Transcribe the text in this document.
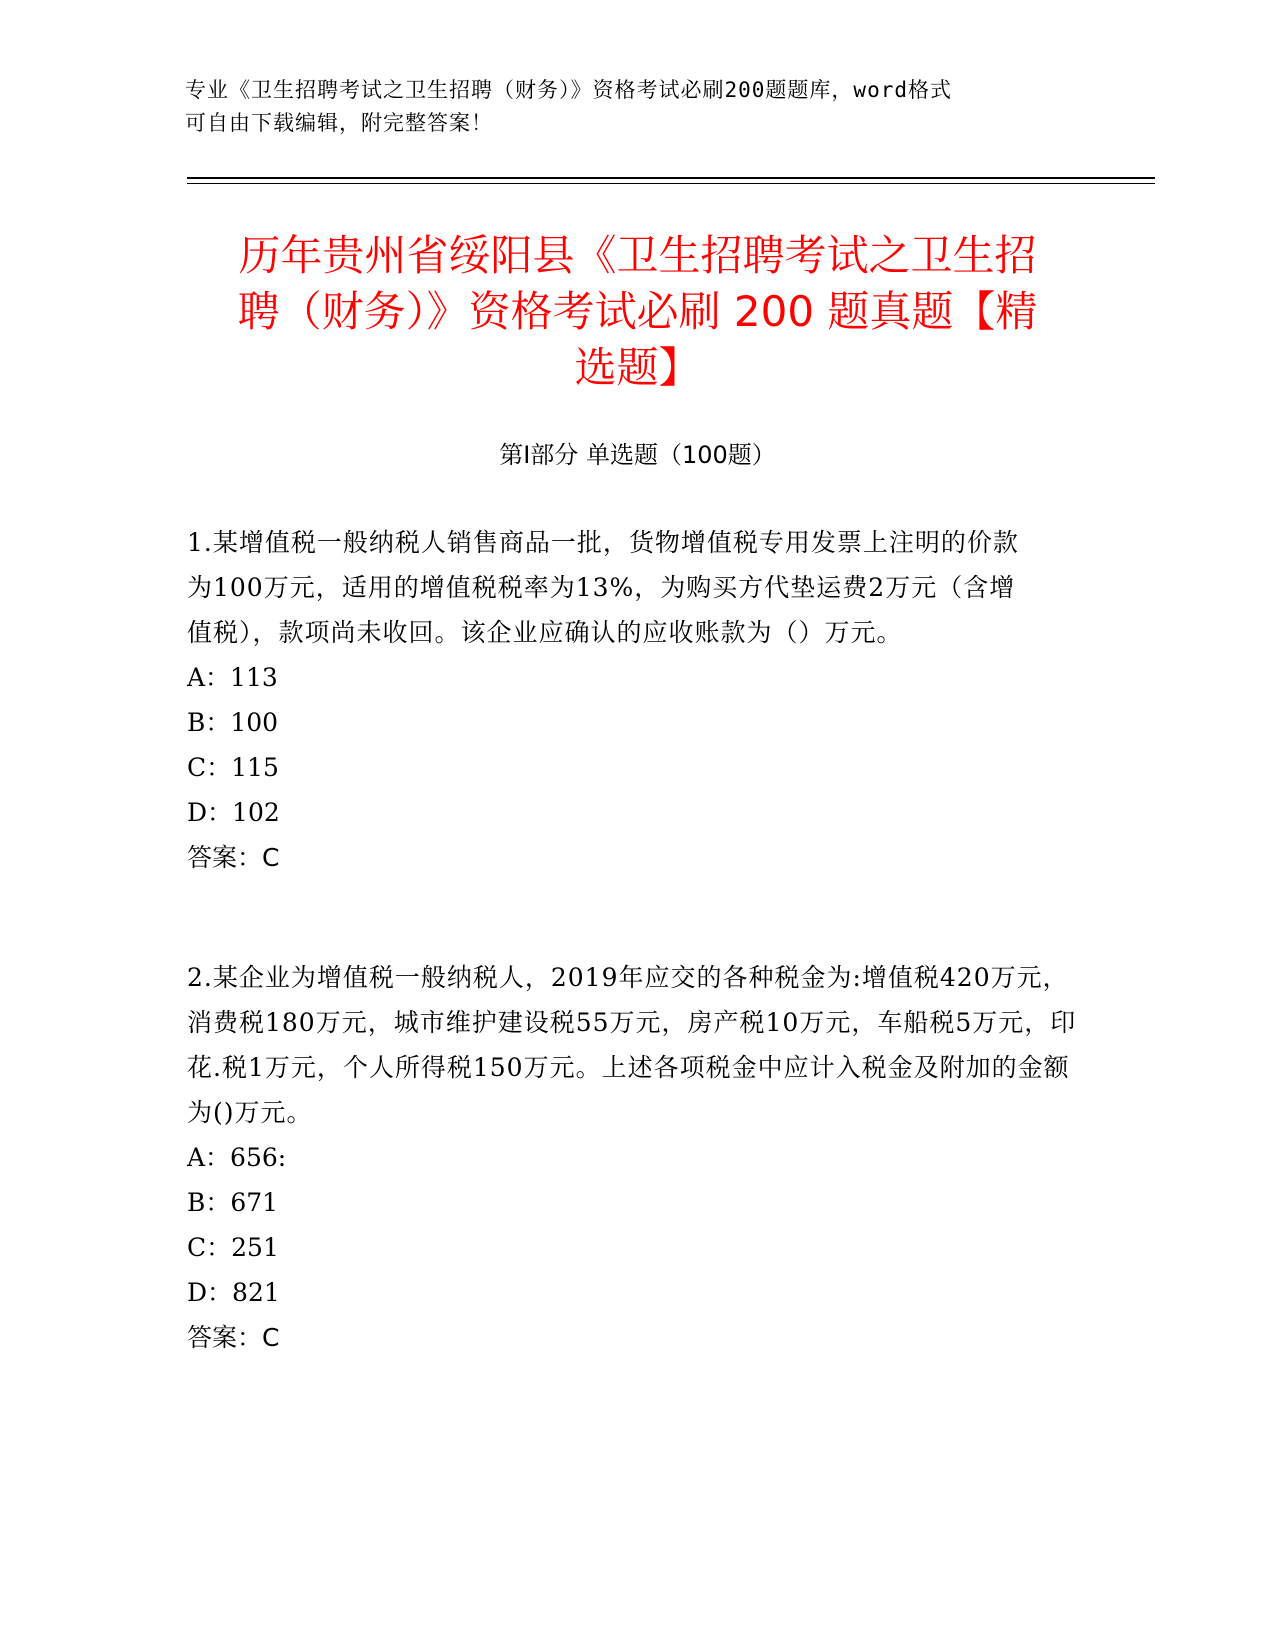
专业《卫生招聘考试之卫生招聘（财务）》资格考试必刷200题题库，word格式
可自由下载编辑，附完整答案！
历年贵州省绥阳县《卫生招聘考试之卫生招
聘（财务）》资格考试必刷 200 题真题【精
选题】
第Ⅰ部分 单选题（100题）
1.某增值税一般纳税人销售商品一批，货物增值税专用发票上注明的价款为100万元，适用的增值税税率为13%，为购买方代垫运费2万元（含增值税），款项尚未收回。该企业应确认的应收账款为（）万元。
A：113
B：100
C：115
D：102
答案：C
2.某企业为增值税一般纳税人，2019年应交的各种税金为:增值税420万元，消费税180万元，城市维护建设税55万元，房产税10万元，车船税5万元，印花.税1万元，个人所得税150万元。上述各项税金中应计入税金及附加的金额为()万元。
A：656:
B：671
C：251
D：821
答案：C
